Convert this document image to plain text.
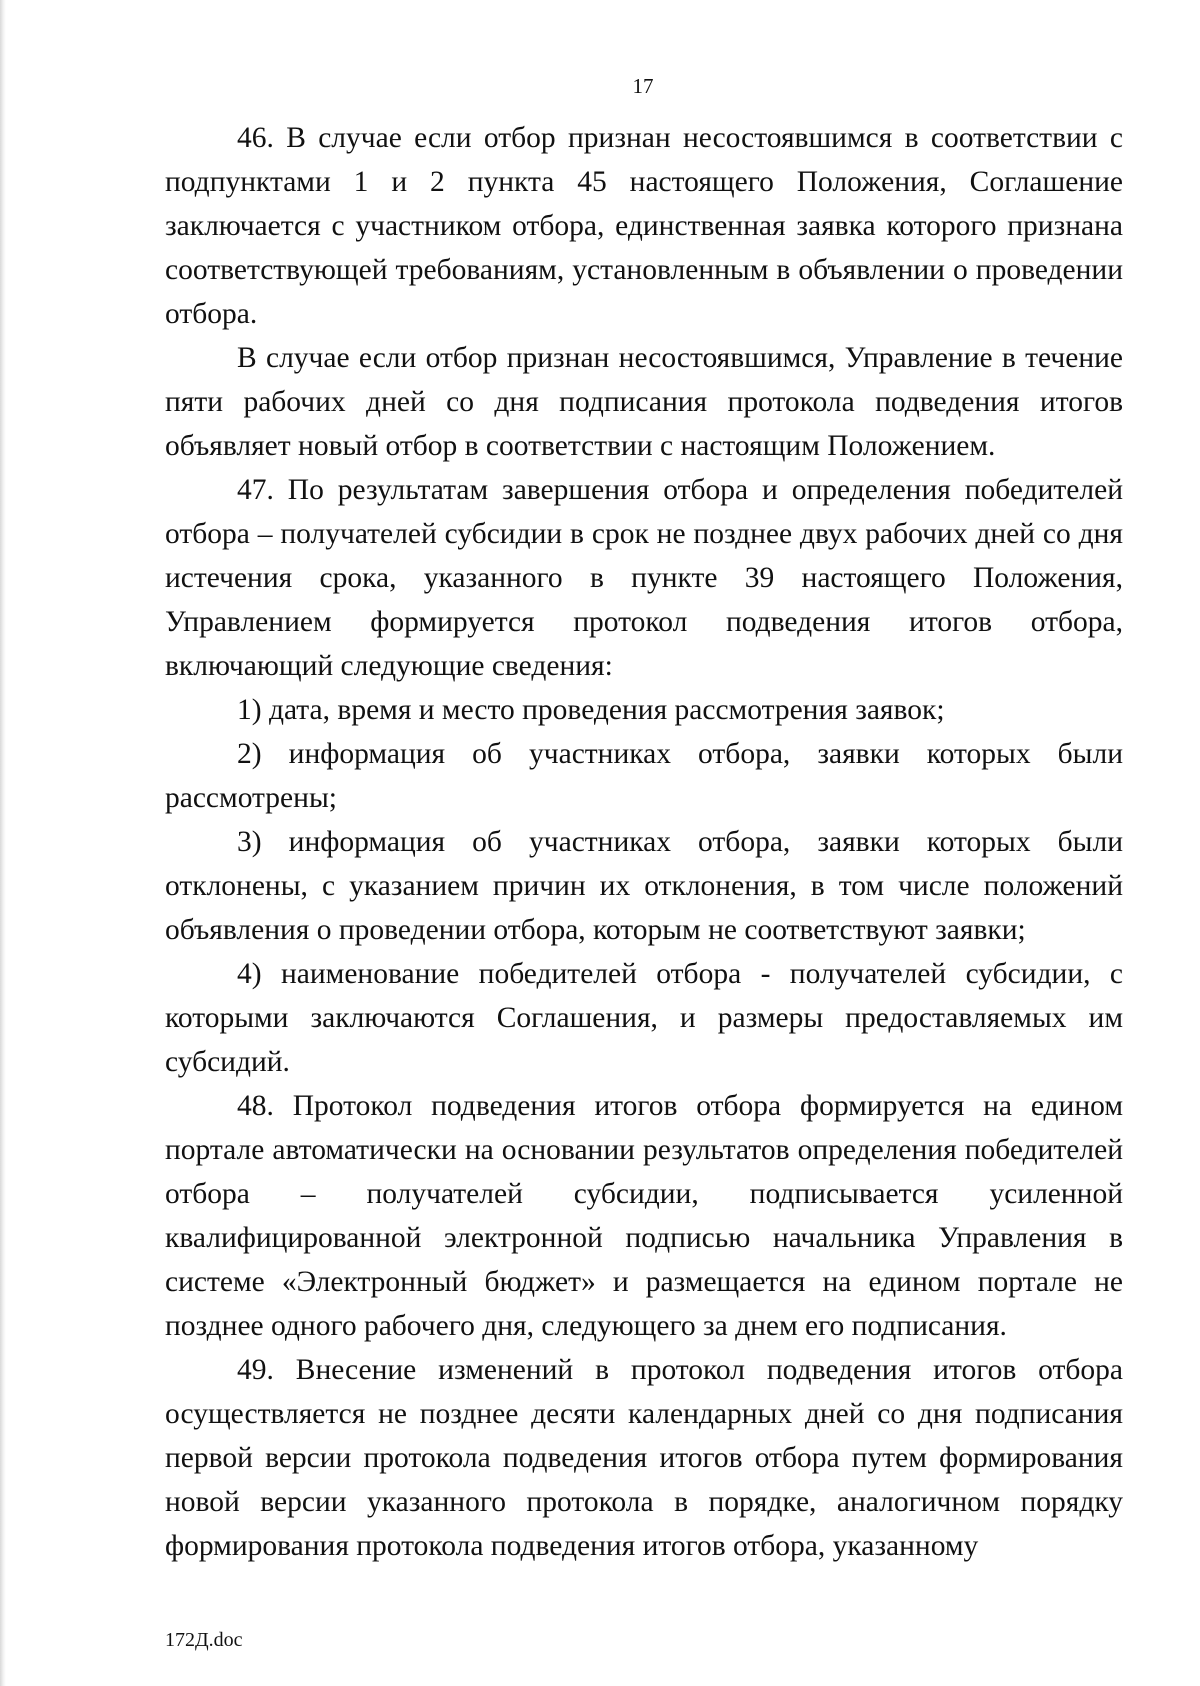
17

46. В случае если отбор признан несостоявшимся в соответствии с подпунктами 1 и 2 пункта 45 настоящего Положения, Соглашение заключается с участником отбора, единственная заявка которого признана соответствующей требованиям, установленным в объявлении о проведении отбора.

В случае если отбор признан несостоявшимся, Управление в течение пяти рабочих дней со дня подписания протокола подведения итогов объявляет новый отбор в соответствии с настоящим Положением.

47. По результатам завершения отбора и определения победителей отбора – получателей субсидии в срок не позднее двух рабочих дней со дня истечения срока, указанного в пункте 39 настоящего Положения, Управлением формируется протокол подведения итогов отбора, включающий следующие сведения:

1) дата, время и место проведения рассмотрения заявок;

2) информация об участниках отбора, заявки которых были рассмотрены;

3) информация об участниках отбора, заявки которых были отклонены, с указанием причин их отклонения, в том числе положений объявления о проведении отбора, которым не соответствуют заявки;

4) наименование победителей отбора - получателей субсидии, с которыми заключаются Соглашения, и размеры предоставляемых им субсидий.

48. Протокол подведения итогов отбора формируется на едином портале автоматически на основании результатов определения победителей отбора – получателей субсидии, подписывается усиленной квалифицированной электронной подписью начальника Управления в системе «Электронный бюджет» и размещается на едином портале не позднее одного рабочего дня, следующего за днем его подписания.

49. Внесение изменений в протокол подведения итогов отбора осуществляется не позднее десяти календарных дней со дня подписания первой версии протокола подведения итогов отбора путем формирования новой версии указанного протокола в порядке, аналогичном порядку формирования протокола подведения итогов отбора, указанному

172Д.doc
